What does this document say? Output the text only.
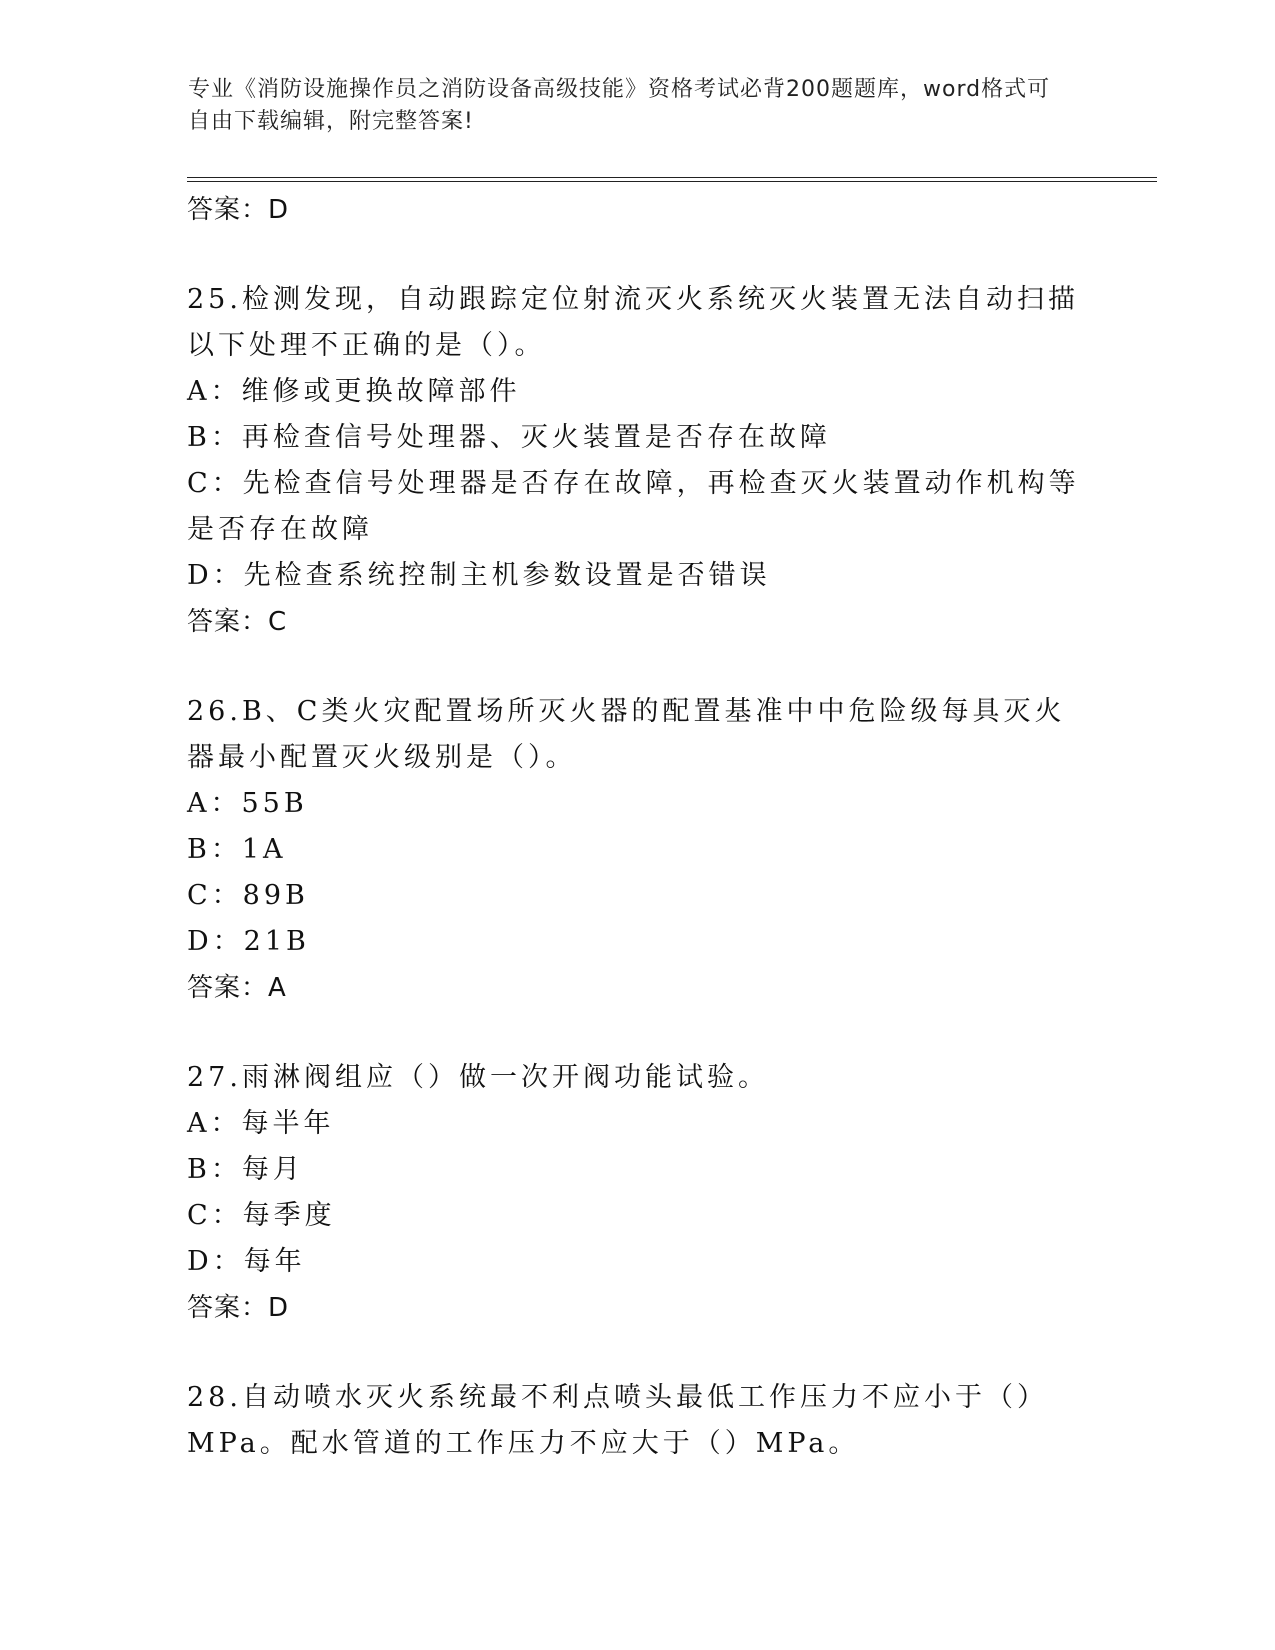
专业《消防设施操作员之消防设备高级技能》资格考试必背200题题库，word格式可自由下载编辑，附完整答案!
答案：D
25.检测发现，自动跟踪定位射流灭火系统灭火装置无法自动扫描以下处理不正确的是（）。
A：维修或更换故障部件
B：再检查信号处理器、灭火装置是否存在故障
C：先检查信号处理器是否存在故障，再检查灭火装置动作机构等是否存在故障
D：先检查系统控制主机参数设置是否错误
答案：C
26.B、C类火灾配置场所灭火器的配置基准中中危险级每具灭火器最小配置灭火级别是（）。
A：55B
B：1A
C：89B
D：21B
答案：A
27.雨淋阀组应（）做一次开阀功能试验。
A：每半年
B：每月
C：每季度
D：每年
答案：D
28.自动喷水灭火系统最不利点喷头最低工作压力不应小于（）MPa。配水管道的工作压力不应大于（）MPa。
